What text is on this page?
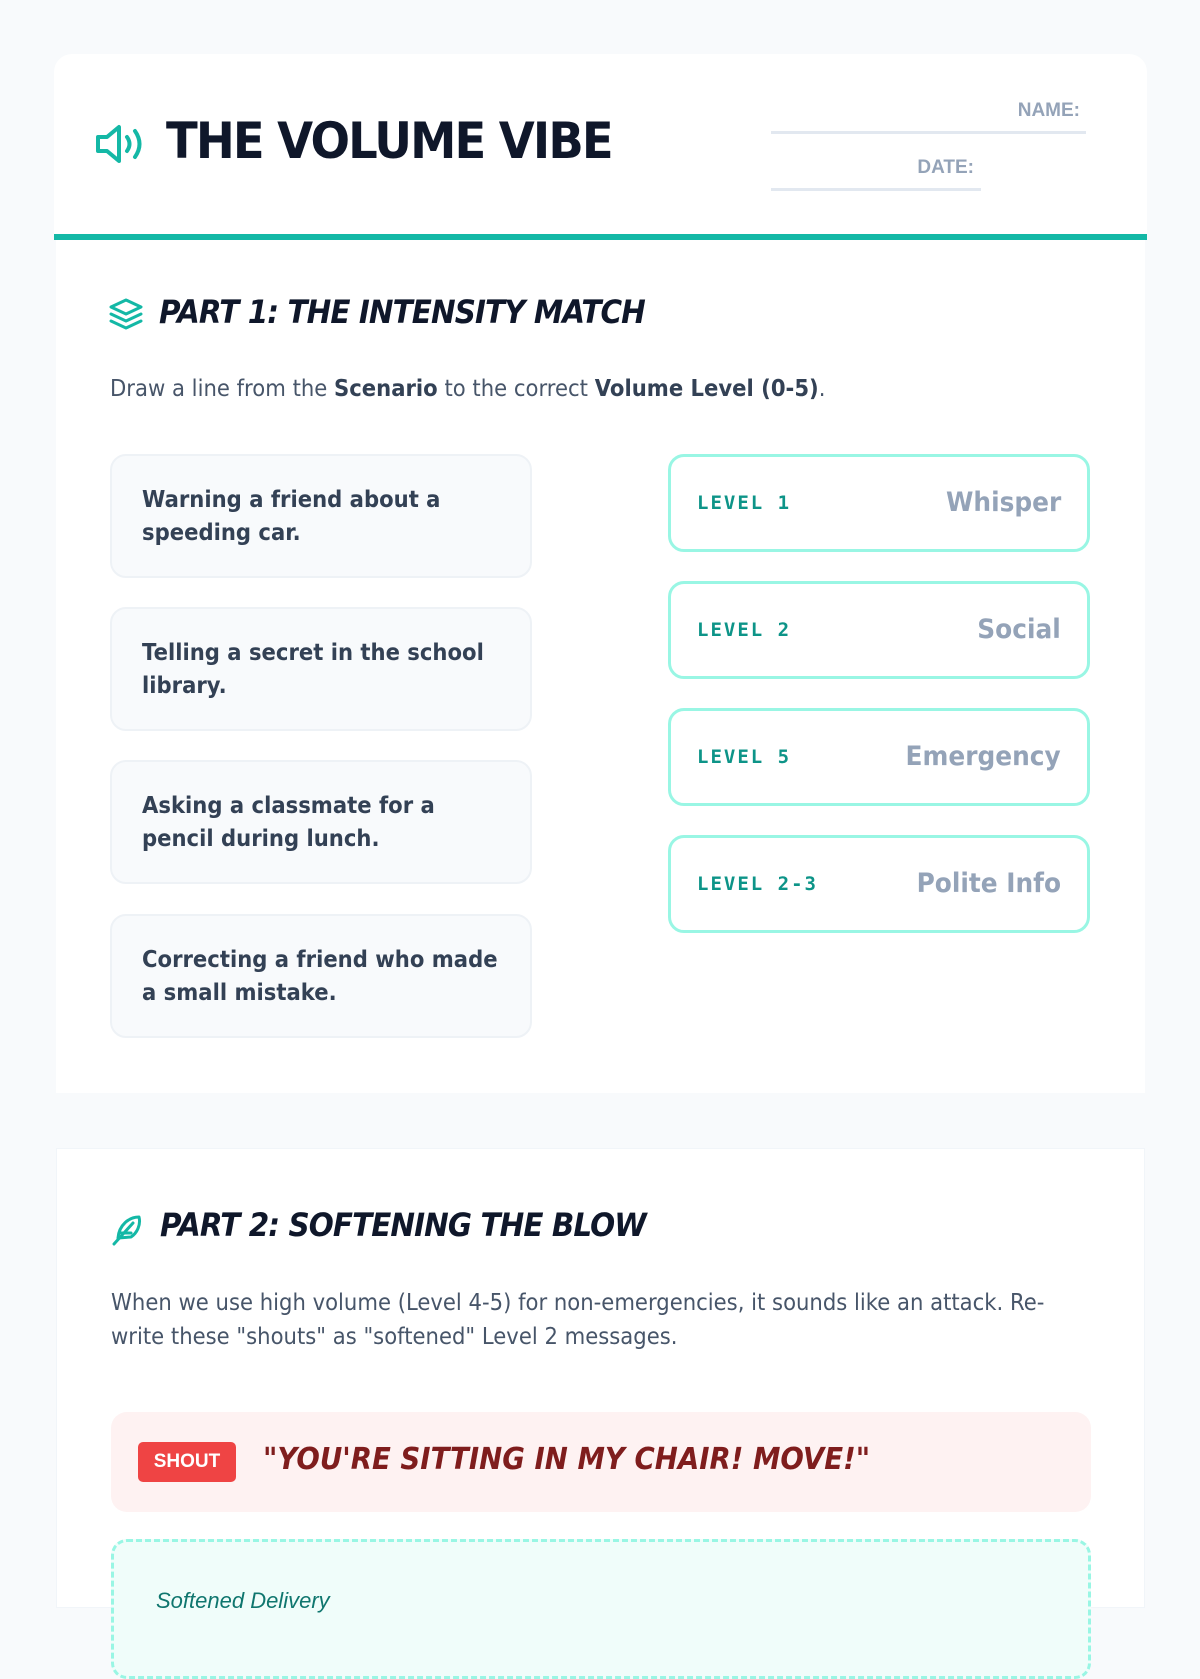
THE VOLUME VIBE
NAME:
DATE:
PART 1: THE INTENSITY MATCH
Draw a line from the Scenario to the correct Volume Level (0-5).
Warning a friend about a speeding car.
Telling a secret in the school library.
Asking a classmate for a pencil during lunch.
Correcting a friend who made a small mistake.
LEVEL 1	Whisper
LEVEL 2	Social
LEVEL 5	Emergency
LEVEL 2-3	Polite Info
PART 2: SOFTENING THE BLOW
When we use high volume (Level 4-5) for non-emergencies, it sounds like an attack. Re-write these "shouts" as "softened" Level 2 messages.
SHOUT	"YOU'RE SITTING IN MY CHAIR! MOVE!"
Softened Delivery
